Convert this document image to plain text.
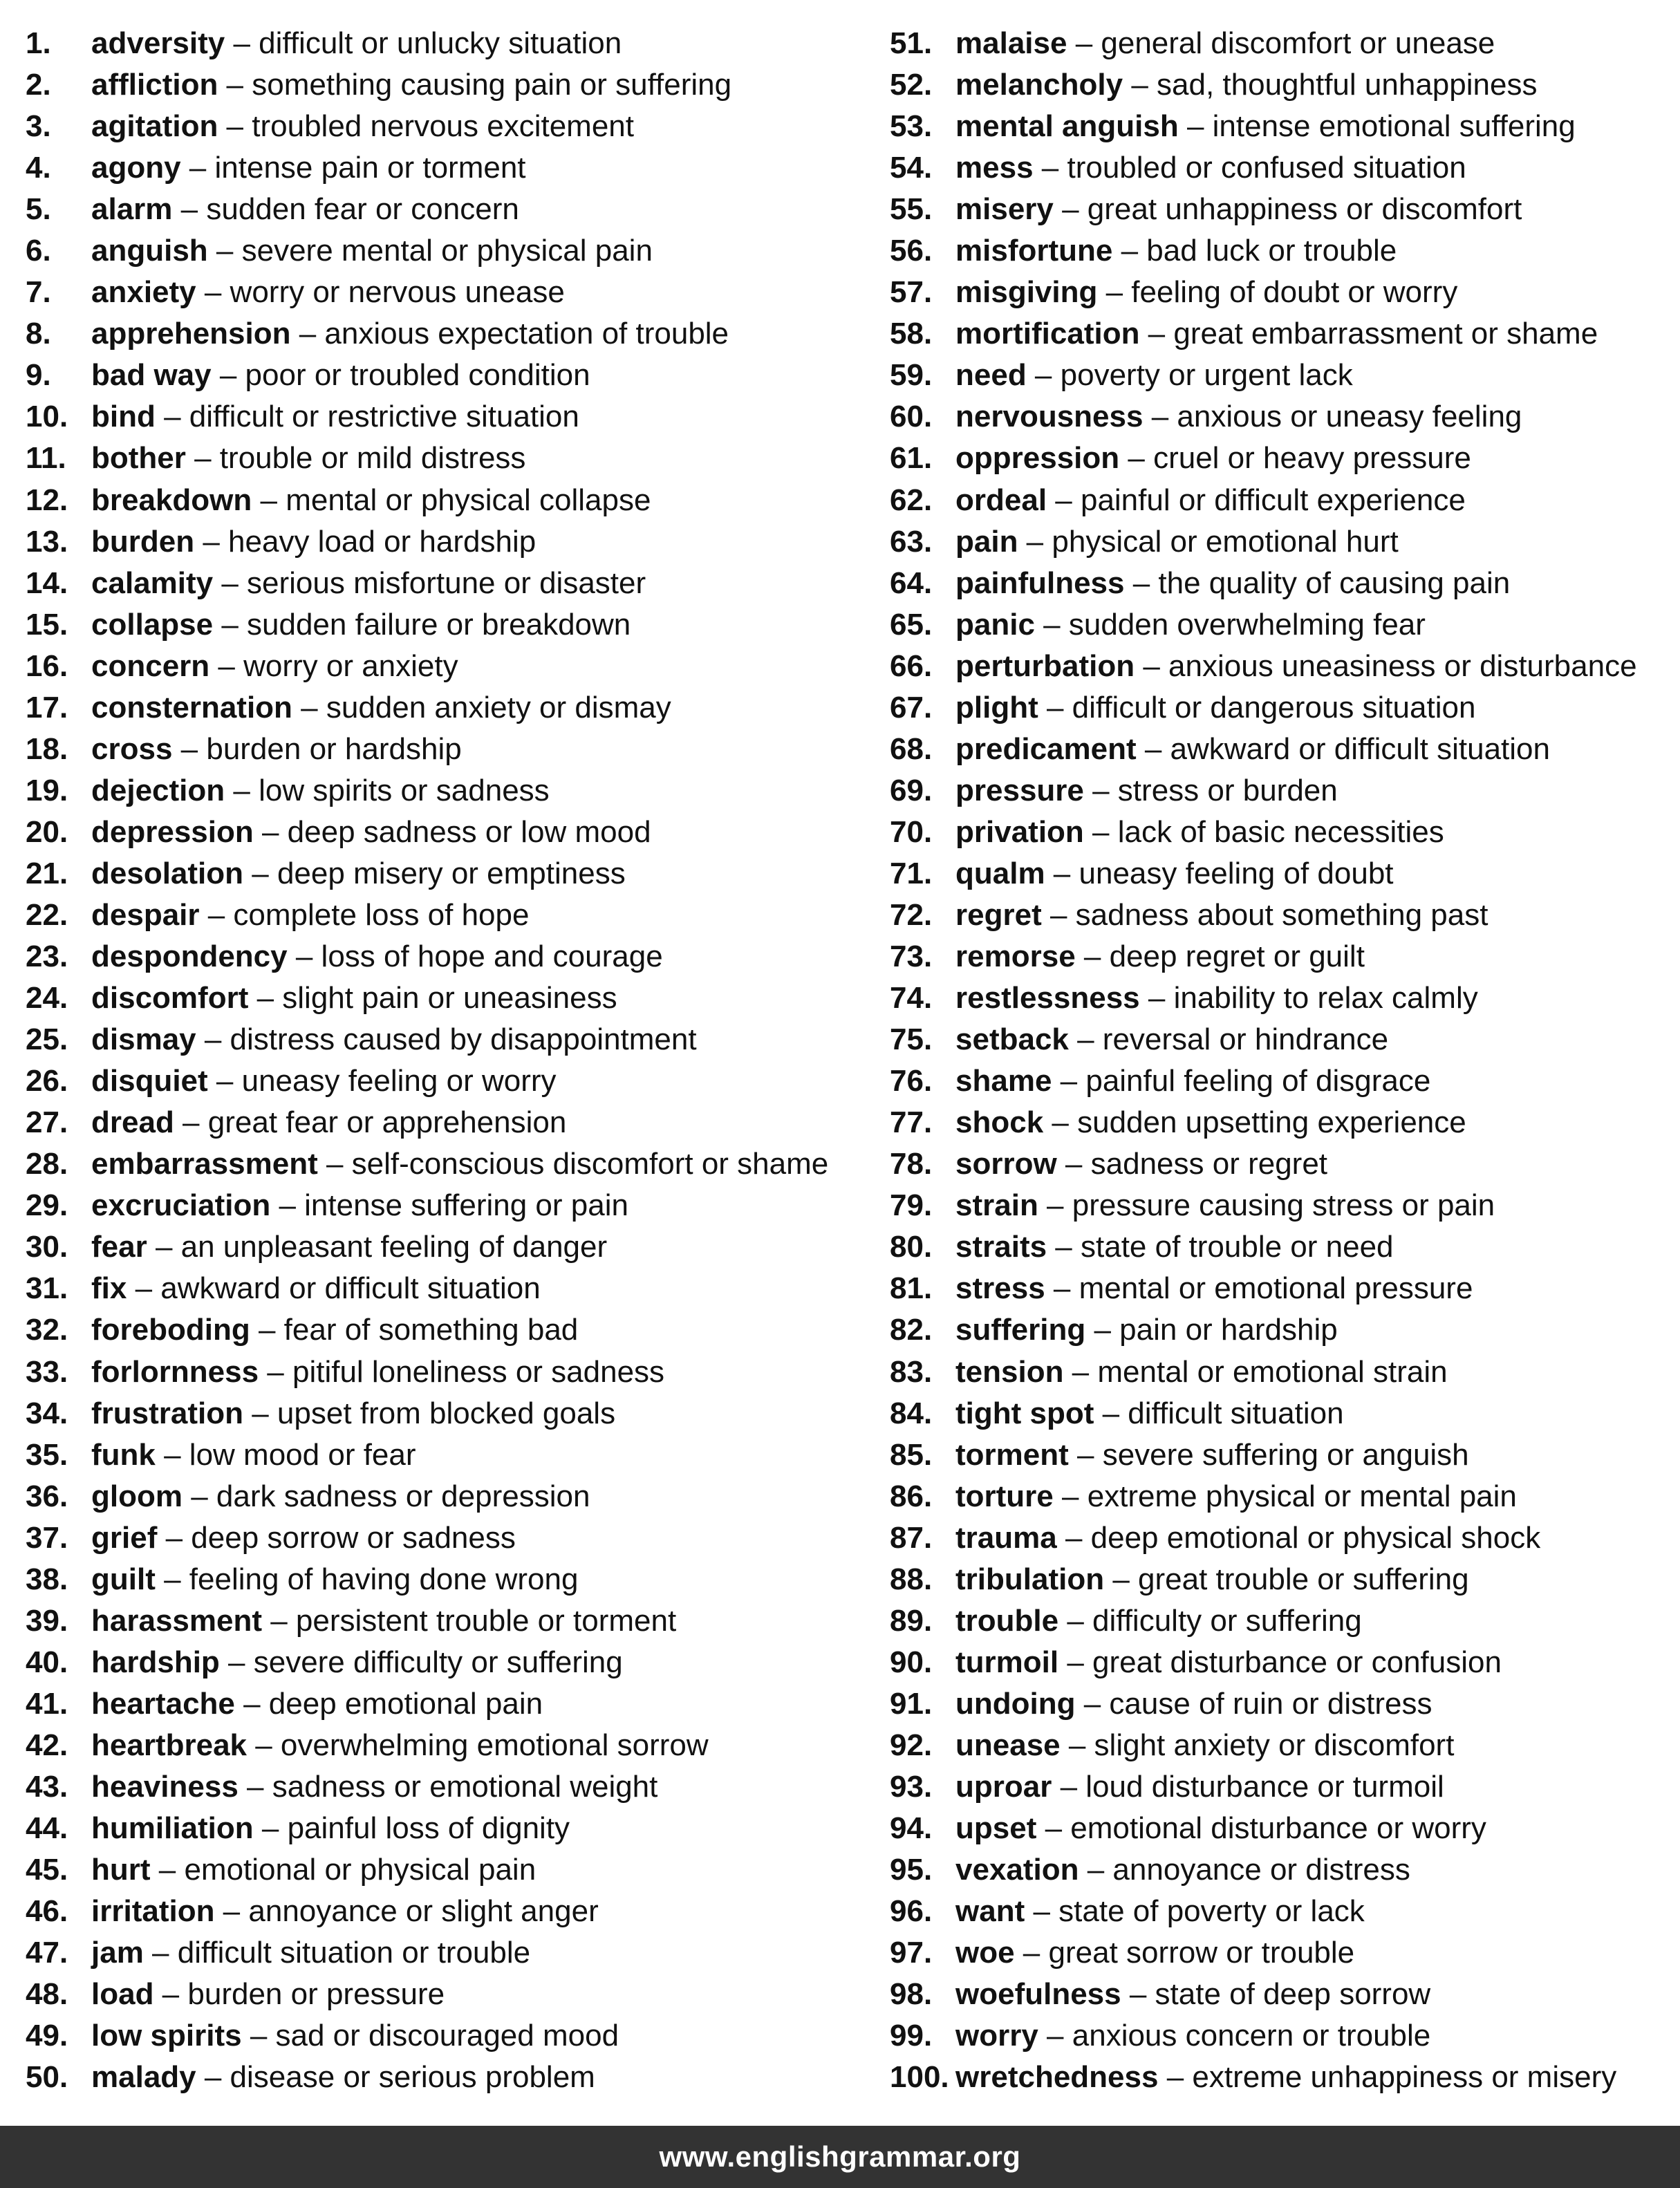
1. adversity – difficult or unlucky situation
2. affliction – something causing pain or suffering
3. agitation – troubled nervous excitement
4. agony – intense pain or torment
5. alarm – sudden fear or concern
6. anguish – severe mental or physical pain
7. anxiety – worry or nervous unease
8. apprehension – anxious expectation of trouble
9. bad way – poor or troubled condition
10. bind – difficult or restrictive situation
11. bother – trouble or mild distress
12. breakdown – mental or physical collapse
13. burden – heavy load or hardship
14. calamity – serious misfortune or disaster
15. collapse – sudden failure or breakdown
16. concern – worry or anxiety
17. consternation – sudden anxiety or dismay
18. cross – burden or hardship
19. dejection – low spirits or sadness
20. depression – deep sadness or low mood
21. desolation – deep misery or emptiness
22. despair – complete loss of hope
23. despondency – loss of hope and courage
24. discomfort – slight pain or uneasiness
25. dismay – distress caused by disappointment
26. disquiet – uneasy feeling or worry
27. dread – great fear or apprehension
28. embarrassment – self-conscious discomfort or shame
29. excruciation – intense suffering or pain
30. fear – an unpleasant feeling of danger
31. fix – awkward or difficult situation
32. foreboding – fear of something bad
33. forlornness – pitiful loneliness or sadness
34. frustration – upset from blocked goals
35. funk – low mood or fear
36. gloom – dark sadness or depression
37. grief – deep sorrow or sadness
38. guilt – feeling of having done wrong
39. harassment – persistent trouble or torment
40. hardship – severe difficulty or suffering
41. heartache – deep emotional pain
42. heartbreak – overwhelming emotional sorrow
43. heaviness – sadness or emotional weight
44. humiliation – painful loss of dignity
45. hurt – emotional or physical pain
46. irritation – annoyance or slight anger
47. jam – difficult situation or trouble
48. load – burden or pressure
49. low spirits – sad or discouraged mood
50. malady – disease or serious problem
51. malaise – general discomfort or unease
52. melancholy – sad, thoughtful unhappiness
53. mental anguish – intense emotional suffering
54. mess – troubled or confused situation
55. misery – great unhappiness or discomfort
56. misfortune – bad luck or trouble
57. misgiving – feeling of doubt or worry
58. mortification – great embarrassment or shame
59. need – poverty or urgent lack
60. nervousness – anxious or uneasy feeling
61. oppression – cruel or heavy pressure
62. ordeal – painful or difficult experience
63. pain – physical or emotional hurt
64. painfulness – the quality of causing pain
65. panic – sudden overwhelming fear
66. perturbation – anxious uneasiness or disturbance
67. plight – difficult or dangerous situation
68. predicament – awkward or difficult situation
69. pressure – stress or burden
70. privation – lack of basic necessities
71. qualm – uneasy feeling of doubt
72. regret – sadness about something past
73. remorse – deep regret or guilt
74. restlessness – inability to relax calmly
75. setback – reversal or hindrance
76. shame – painful feeling of disgrace
77. shock – sudden upsetting experience
78. sorrow – sadness or regret
79. strain – pressure causing stress or pain
80. straits – state of trouble or need
81. stress – mental or emotional pressure
82. suffering – pain or hardship
83. tension – mental or emotional strain
84. tight spot – difficult situation
85. torment – severe suffering or anguish
86. torture – extreme physical or mental pain
87. trauma – deep emotional or physical shock
88. tribulation – great trouble or suffering
89. trouble – difficulty or suffering
90. turmoil – great disturbance or confusion
91. undoing – cause of ruin or distress
92. unease – slight anxiety or discomfort
93. uproar – loud disturbance or turmoil
94. upset – emotional disturbance or worry
95. vexation – annoyance or distress
96. want – state of poverty or lack
97. woe – great sorrow or trouble
98. woefulness – state of deep sorrow
99. worry – anxious concern or trouble
100. wretchedness – extreme unhappiness or misery
www.englishgrammar.org
